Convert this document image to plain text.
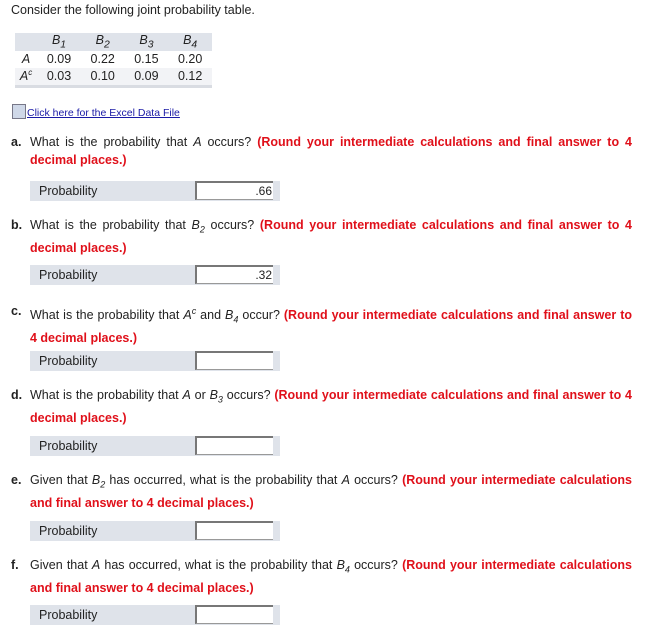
Consider the following joint probability table.
	$B_1$	$B_2$	$B_3$	$B_4$
A	0.09	0.22	0.15	0.20
$A^c$	0.03	0.10	0.09	0.12
Click here for the Excel Data File
a. What is the probability that A occurs? (Round your intermediate calculations and final answer to 4 decimal places.)
Probability	.66
b. What is the probability that $B_2$ occurs? (Round your intermediate calculations and final answer to 4 decimal places.)
Probability	.32
c. What is the probability that $A^c$ and $B_4$ occur? (Round your intermediate calculations and final answer to 4 decimal places.)
Probability
d. What is the probability that A or $B_3$ occurs? (Round your intermediate calculations and final answer to 4 decimal places.)
Probability
e. Given that $B_2$ has occurred, what is the probability that A occurs? (Round your intermediate calculations and final answer to 4 decimal places.)
Probability
f. Given that A has occurred, what is the probability that $B_4$ occurs? (Round your intermediate calculations and final answer to 4 decimal places.)
Probability
